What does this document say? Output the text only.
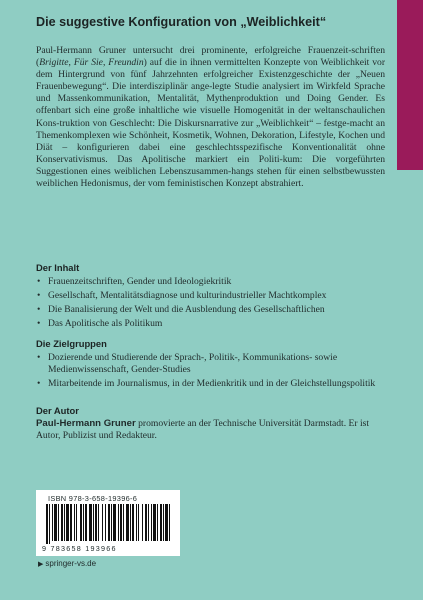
Die suggestive Konfiguration von „Weiblichkeit“

Paul-Hermann Gruner untersucht drei prominente, erfolgreiche Frauenzeit-schriften (Brigitte, Für Sie, Freundin) auf die in ihnen vermittelten Konzepte von Weiblichkeit vor dem Hintergrund von fünf Jahrzehnten erfolgreicher Existenzgeschichte der „Neuen Frauenbewegung“. Die interdisziplinär ange-legte Studie analysiert im Wirkfeld Sprache und Massenkommunikation, Mentalität, Mythenproduktion und Doing Gender. Es offenbart sich eine große inhaltliche wie visuelle Homogenität in der weltanschaulichen Kons-truktion von Geschlecht: Die Diskursnarrative zur „Weiblichkeit“ – festge-macht an Themenkomplexen wie Schönheit, Kosmetik, Wohnen, Dekoration, Lifestyle, Kochen und Diät – konfigurieren dabei eine geschlechtsspezifische Konventionalität ohne Konservativismus. Das Apolitische markiert ein Politi-kum: Die vorgeführten Suggestionen eines weiblichen Lebenszusammen-hangs stehen für einen selbstbewussten weiblichen Hedonismus, der vom feministischen Konzept abstrahiert.

Der Inhalt
• Frauenzeitschriften, Gender und Ideologiekritik
• Gesellschaft, Mentalitätsdiagnose und kulturindustrieller Machtkomplex
• Die Banalisierung der Welt und die Ausblendung des Gesellschaftlichen
• Das Apolitische als Politikum
Die Zielgruppen
• Dozierende und Studierende der Sprach-, Politik-, Kommunikations- sowie Medienwissenschaft, Gender-Studies
• Mitarbeitende im Journalismus, in der Medienkritik und in der Gleichstellungspolitik
Der Autor
Paul-Hermann Gruner promovierte an der Technische Universität Darmstadt. Er ist Autor, Publizist und Redakteur.
ISBN 978-3-658-19396-6
9 783658 193966
▶ springer-vs.de
